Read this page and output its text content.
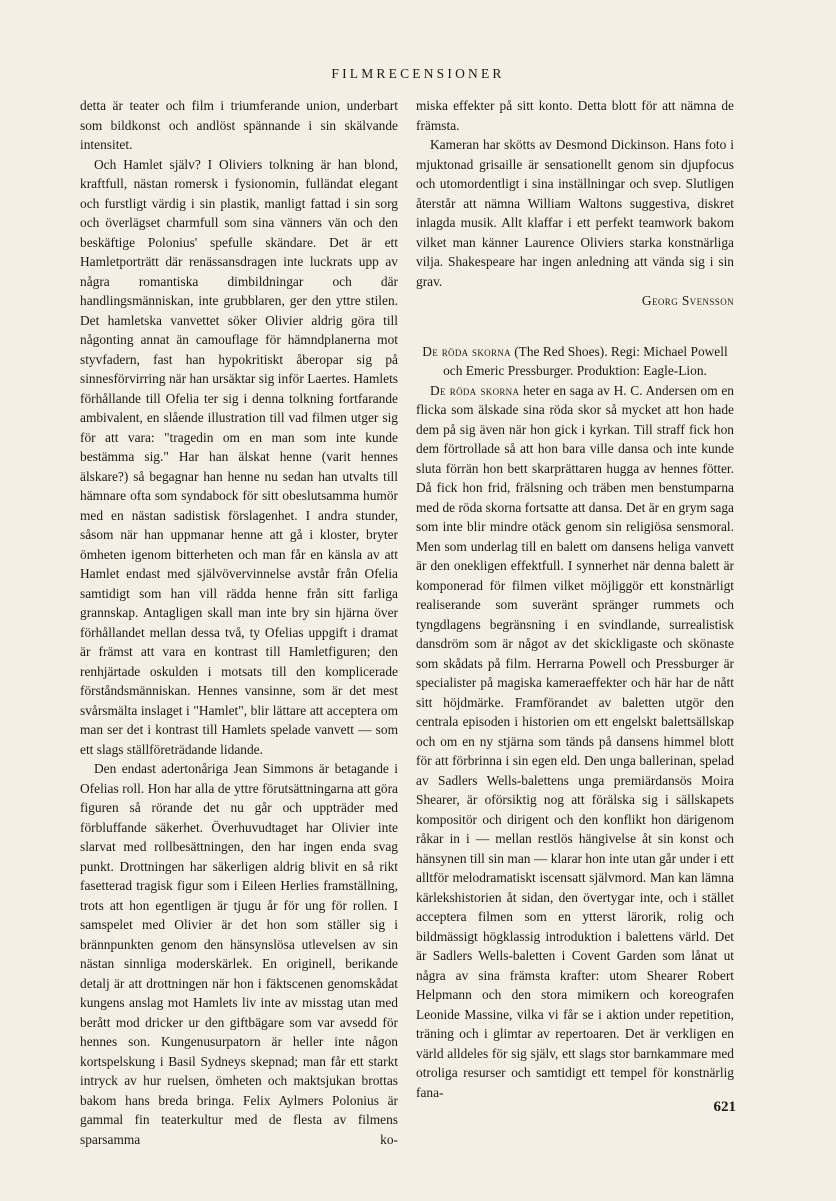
FILMRECENSIONER

detta är teater och film i triumferande union, underbart som bildkonst och andlöst spännande i sin skälvande intensitet.

Och Hamlet själv? I Oliviers tolkning är han blond, kraftfull, nästan romersk i fysionomin, fulländat elegant och furstligt värdig i sin plastik, manligt fattad i sin sorg och överlägset charmfull som sina vänners vän och den beskäftige Polonius' spefulle skändare. Det är ett Hamletporträtt där renässansdragen inte luckrats upp av några romantiska dimbildningar och där handlingsmänniskan, inte grubblaren, ger den yttre stilen. Det hamletska vanvettet söker Olivier aldrig göra till någonting annat än camouflage för hämndplanerna mot styvfadern, fast han hypokritiskt åberopar sig på sinnesförvirring när han ursäktar sig inför Laertes. Hamlets förhållande till Ofelia ter sig i denna tolkning fortfarande ambivalent, en slående illustration till vad filmen utger sig för att vara: "tragedin om en man som inte kunde bestämma sig." Har han älskat henne (varit hennes älskare?) så begagnar han henne nu sedan han utvalts till hämnare ofta som syndabock för sitt obeslutsamma humör med en nästan sadistisk förslagenhet. I andra stunder, såsom när han uppmanar henne att gå i kloster, bryter ömheten igenom bitterheten och man får en känsla av att Hamlet endast med självövervinnelse avstår från Ofelia samtidigt som han vill rädda henne från sitt farliga grannskap. Antagligen skall man inte bry sin hjärna över förhållandet mellan dessa två, ty Ofelias uppgift i dramat är främst att vara en kontrast till Hamletfiguren; den renhjärtade oskulden i motsats till den komplicerade förståndsmänniskan. Hennes vansinne, som är det mest svårsmälta inslaget i "Hamlet", blir lättare att acceptera om man ser det i kontrast till Hamlets spelade vanvett — som ett slags ställföreträdande lidande.

Den endast adertonåriga Jean Simmons är betagande i Ofelias roll. Hon har alla de yttre förutsättningarna att göra figuren så rörande det nu går och uppträder med förbluffande säkerhet. Överhuvudtaget har Olivier inte slarvat med rollbesättningen, den har ingen enda svag punkt. Drottningen har säkerligen aldrig blivit en så rikt fasetterad tragisk figur som i Eileen Herlies framställning, trots att hon egentligen är tjugu år för ung för rollen. I samspelet med Olivier är det hon som ställer sig i brännpunkten genom den hänsynslösa utlevelsen av sin nästan sinnliga moderskärlek. En originell, berikande detalj är att drottningen när hon i fäktscenen genomskådat kungens anslag mot Hamlets liv inte av misstag utan med berått mod dricker ur den giftbägare som var avsedd för hennes son. Kungenusurpatorn är heller inte någon kortspelskung i Basil Sydneys skepnad; man får ett starkt intryck av hur ruelsen, ömheten och maktsjukan brottas bakom hans breda bringa. Felix Aylmers Polonius är gammal fin teaterkultur med de flesta av filmens sparsamma ko-

miska effekter på sitt konto. Detta blott för att nämna de främsta.

Kameran har skötts av Desmond Dickinson. Hans foto i mjuktonad grisaille är sensationellt genom sin djupfocus och utomordentligt i sina inställningar och svep. Slutligen återstår att nämna William Waltons suggestiva, diskret inlagda musik. Allt klaffar i ett perfekt teamwork bakom vilket man känner Laurence Oliviers starka konstnärliga vilja. Shakespeare har ingen anledning att vända sig i sin grav.

Georg Svensson

De röda skorna (The Red Shoes). Regi: Michael Powell och Emeric Pressburger. Produktion: Eagle-Lion.

De röda skorna heter en saga av H. C. Andersen om en flicka som älskade sina röda skor så mycket att hon hade dem på sig även när hon gick i kyrkan. Till straff fick hon dem förtrollade så att hon bara ville dansa och inte kunde sluta förrän hon bett skarprättaren hugga av hennes fötter. Då fick hon frid, frälsning och träben men benstumparna med de röda skorna fortsatte att dansa. Det är en grym saga som inte blir mindre otäck genom sin religiösa sensmoral. Men som underlag till en balett om dansens heliga vanvett är den onekligen effektfull. I synnerhet när denna balett är komponerad för filmen vilket möjliggör ett konstnärligt realiserande som suveränt spränger rummets och tyngdlagens begränsning i en svindlande, surrealistisk dansdröm som är något av det skickligaste och skönaste som skådats på film. Herrarna Powell och Pressburger är specialister på magiska kameraeffekter och här har de nått sitt höjdmärke. Framförandet av baletten utgör den centrala episoden i historien om ett engelskt balettsällskap och om en ny stjärna som tänds på dansens himmel blott för att förbrinna i sin egen eld. Den unga ballerinan, spelad av Sadlers Wells-balettens unga premiärdansös Moira Shearer, är oförsiktig nog att förälska sig i sällskapets kompositör och dirigent och den konflikt hon därigenom råkar in i — mellan restlös hängivelse åt sin konst och hänsynen till sin man — klarar hon inte utan går under i ett alltför melodramatiskt iscensatt självmord. Man kan lämna kärlekshistorien åt sidan, den övertygar inte, och i stället acceptera filmen som en ytterst lärorik, rolig och bildmässigt högklassig introduktion i balettens värld. Det är Sadlers Wells-baletten i Covent Garden som lånat ut några av sina främsta krafter: utom Shearer Robert Helpmann och den stora mimikern och koreografen Leonide Massine, vilka vi får se i aktion under repetition, träning och i glimtar av repertoaren. Det är verkligen en värld alldeles för sig själv, ett slags stor barnkammare med otroliga resurser och samtidigt ett tempel för konstnärlig fana-

621
